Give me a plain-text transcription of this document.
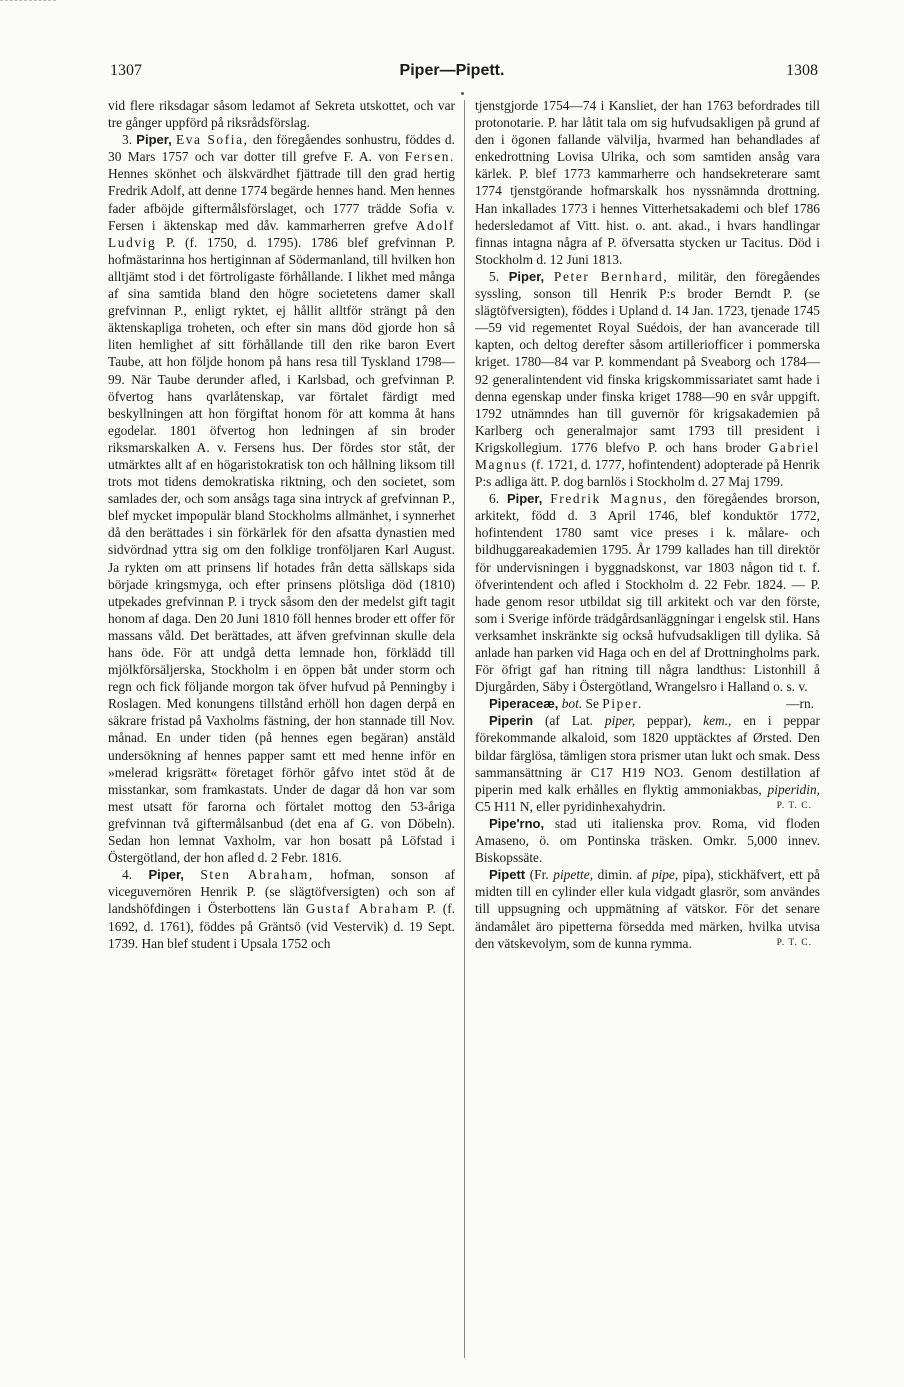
1307	Piper—Pipett.	1308

vid flere riksdagar såsom ledamot af Sekreta utskottet, och var tre gånger uppförd på riksrådsförslag.

3. Piper, Eva Sofia, den föregåendes sonhustru, föddes d. 30 Mars 1757 och var dotter till grefve F. A. von Fersen. Hennes skönhet och älskvärdhet fjättrade till den grad hertig Fredrik Adolf, att denne 1774 begärde hennes hand. Men hennes fader afböjde giftermålsförslaget, och 1777 trädde Sofia v. Fersen i äktenskap med dåv. kammarherren grefve Adolf Ludvig P. (f. 1750, d. 1795). 1786 blef grefvinnan P. hofmästarinna hos hertiginnan af Södermanland, till hvilken hon alltjämt stod i det förtroligaste förhållande. I likhet med många af sina samtida bland den högre societetens damer skall grefvinnan P., enligt ryktet, ej hållit alltför strängt på den äktenskapliga troheten, och efter sin mans död gjorde hon så liten hemlighet af sitt förhållande till den rike baron Evert Taube, att hon följde honom på hans resa till Tyskland 1798—99. När Taube derunder afled, i Karlsbad, och grefvinnan P. öfvertog hans qvarlåtenskap, var förtalet färdigt med beskyllningen att hon förgiftat honom för att komma åt hans egodelar. 1801 öfvertog hon ledningen af sin broder riksmarskalken A. v. Fersens hus. Der fördes stor ståt, der utmärktes allt af en högaristokratisk ton och hållning liksom till trots mot tidens demokratiska riktning, och den societet, som samlades der, och som ansågs taga sina intryck af grefvinnan P., blef mycket impopulär bland Stockholms allmänhet, i synnerhet då den berättades i sin förkärlek för den afsatta dynastien med sidvördnad yttra sig om den folklige tronföljaren Karl August. Ja rykten om att prinsens lif hotades från detta sällskaps sida började kringsmyga, och efter prinsens plötsliga död (1810) utpekades grefvinnan P. i tryck såsom den der medelst gift tagit honom af daga. Den 20 Juni 1810 föll hennes broder ett offer för massans våld. Det berättades, att äfven grefvinnan skulle dela hans öde. För att undgå detta lemnade hon, förklädd till mjölkförsäljerska, Stockholm i en öppen båt under storm och regn och fick följande morgon tak öfver hufvud på Penningby i Roslagen. Med konungens tillstånd erhöll hon dagen derpå en säkrare fristad på Vaxholms fästning, der hon stannade till Nov. månad. En under tiden (på hennes egen begäran) anstäld undersökning af hennes papper samt ett med henne inför en »melerad krigsrätt« företaget förhör gåfvo intet stöd åt de misstankar, som framkastats. Under de dagar då hon var som mest utsatt för farorna och förtalet mottog den 53-åriga grefvinnan två giftermålsanbud (det ena af G. von Döbeln). Sedan hon lemnat Vaxholm, var hon bosatt på Löfstad i Östergötland, der hon afled d. 2 Febr. 1816.

4. Piper, Sten Abraham, hofman, sonson af viceguvernören Henrik P. (se slägtöfversigten) och son af landshöfdingen i Österbottens län Gustaf Abraham P. (f. 1692, d. 1761), föddes på Gräntsö (vid Vestervik) d. 19 Sept. 1739. Han blef student i Upsala 1752 och

tjenstgjorde 1754—74 i Kansliet, der han 1763 befordrades till protonotarie. P. har låtit tala om sig hufvudsakligen på grund af den i ögonen fallande välvilja, hvarmed han behandlades af enkedrottning Lovisa Ulrika, och som samtiden ansåg vara kärlek. P. blef 1773 kammarherre och handsekreterare samt 1774 tjenstgörande hofmarskalk hos nyssnämnda drottning. Han inkallades 1773 i hennes Vitterhetsakademi och blef 1786 hedersledamot af Vitt. hist. o. ant. akad., i hvars handlingar finnas intagna några af P. öfversatta stycken ur Tacitus. Död i Stockholm d. 12 Juni 1813.

5. Piper, Peter Bernhard, militär, den föregåendes syssling, sonson till Henrik P:s broder Berndt P. (se slägtöfversigten), föddes i Upland d. 14 Jan. 1723, tjenade 1745—59 vid regementet Royal Suédois, der han avancerade till kapten, och deltog derefter såsom artilleriofficer i pommerska kriget. 1780—84 var P. kommendant på Sveaborg och 1784—92 generalintendent vid finska krigskommissariatet samt hade i denna egenskap under finska kriget 1788—90 en svår uppgift. 1792 utnämndes han till guvernör för krigsakademien på Karlberg och generalmajor samt 1793 till president i Krigskollegium. 1776 blefvo P. och hans broder Gabriel Magnus (f. 1721, d. 1777, hofintendent) adopterade på Henrik P:s adliga ätt. P. dog barnlös i Stockholm d. 27 Maj 1799.

6. Piper, Fredrik Magnus, den föregåendes brorson, arkitekt, född d. 3 April 1746, blef konduktör 1772, hofintendent 1780 samt vice preses i k. målare- och bildhuggareakademien 1795. År 1799 kallades han till direktör för undervisningen i byggnadskonst, var 1803 någon tid t. f. öfverintendent och afled i Stockholm d. 22 Febr. 1824. — P. hade genom resor utbildat sig till arkitekt och var den förste, som i Sverige införde trädgårdsanläggningar i engelsk stil. Hans verksamhet inskränkte sig också hufvudsakligen till dylika. Så anlade han parken vid Haga och en del af Drottningholms park. För öfrigt gaf han ritning till några landthus: Listonhill å Djurgården, Säby i Östergötland, Wrangelsro i Halland o. s. v.
—rn.

Piperaceæ, bot. Se Piper.

Piperin (af Lat. piper, peppar), kem., en i peppar förekommande alkaloid, som 1820 upptäcktes af Ørsted. Den bildar färglösa, tämligen stora prismer utan lukt och smak. Dess sammansättning är C17 H19 NO3. Genom destillation af piperin med kalk erhålles en flyktig ammoniakbas, piperidin, C5 H11 N, eller pyridinhexahydrin.	P. T. C.

Pipe'rno, stad uti italienska prov. Roma, vid floden Amaseno, ö. om Pontinska träsken. Omkr. 5,000 innev. Biskopssäte.

Pipett (Fr. pipette, dimin. af pipe, pipa), stickhäfvert, ett på midten till en cylinder eller kula vidgadt glasrör, som användes till uppsugning och uppmätning af vätskor. För det senare ändamålet äro pipetterna försedda med märken, hvilka utvisa den vätskevolym, som de kunna rymma.	P. T. C.
